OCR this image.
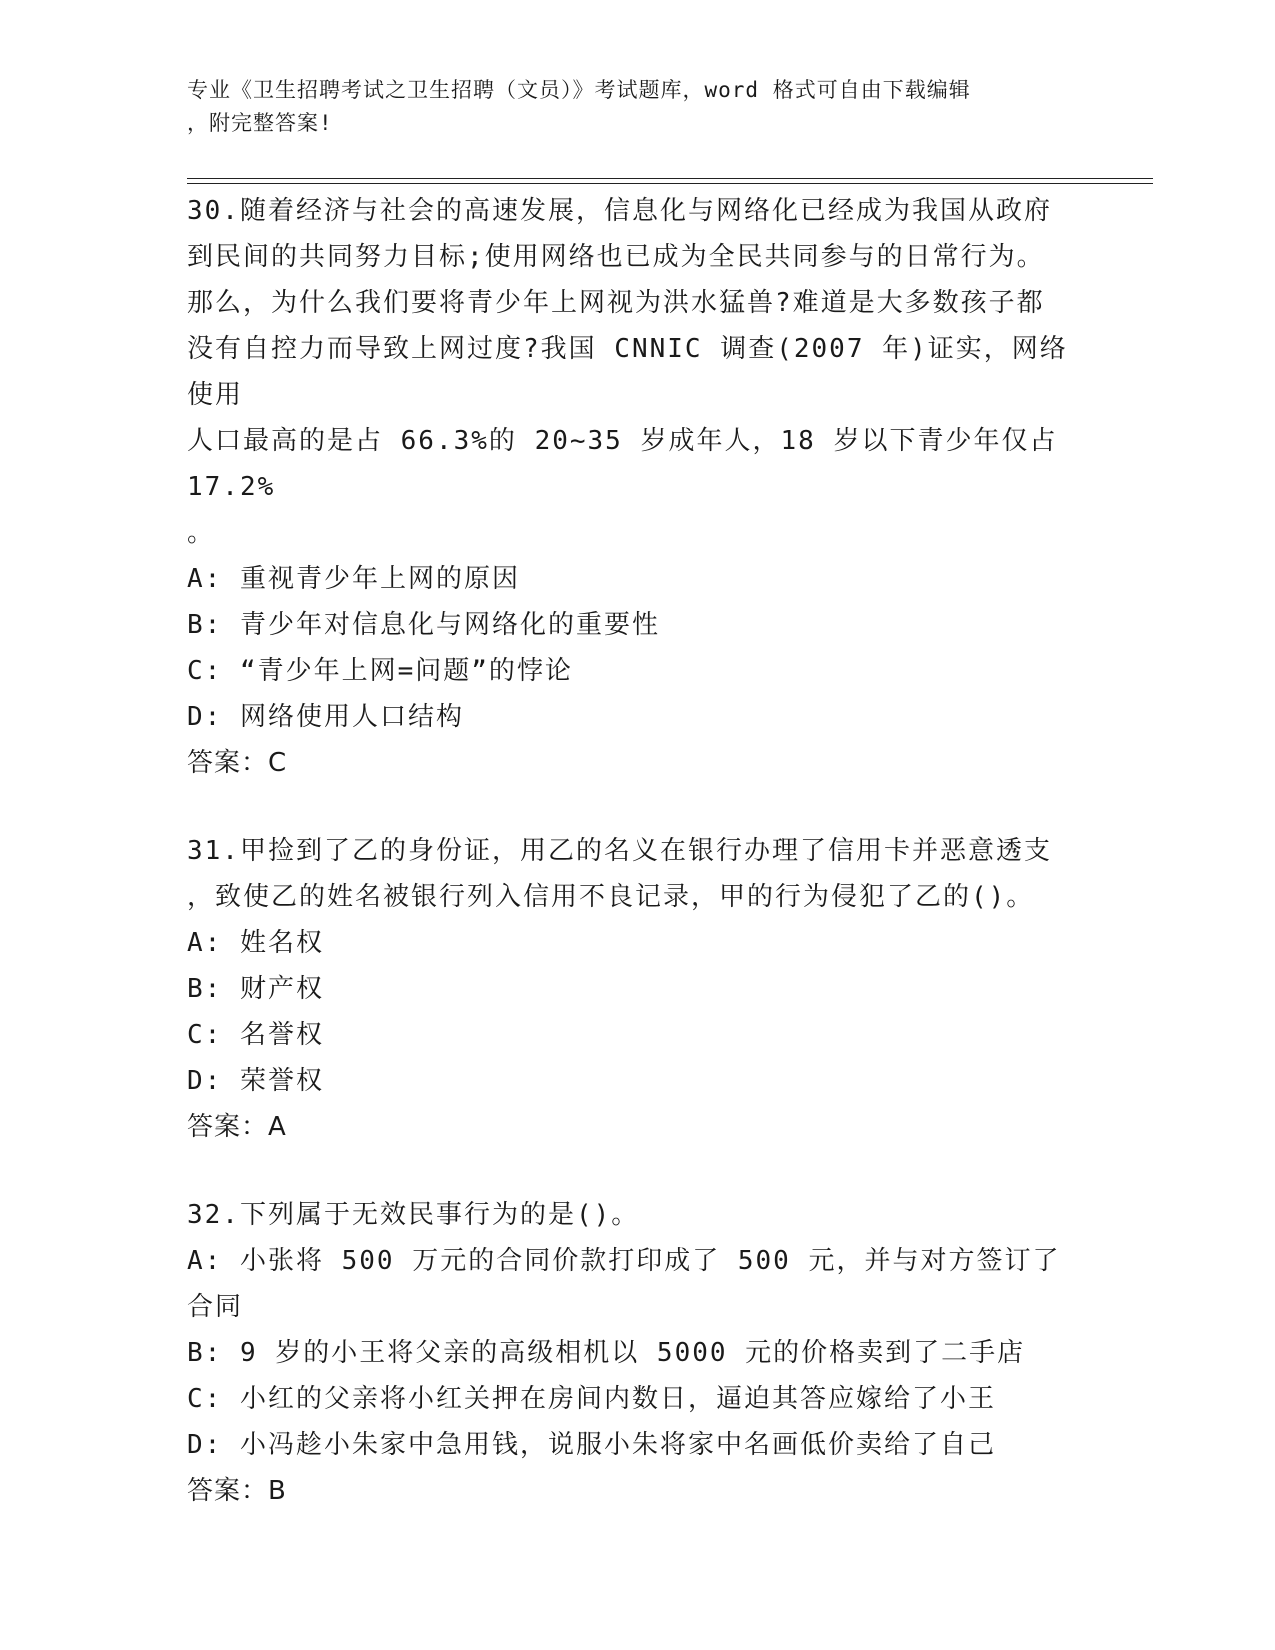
专业《卫生招聘考试之卫生招聘（文员）》考试题库，word 格式可自由下载编辑
，附完整答案!
30.随着经济与社会的高速发展，信息化与网络化已经成为我国从政府
到民间的共同努力目标;使用网络也已成为全民共同参与的日常行为。
那么，为什么我们要将青少年上网视为洪水猛兽?难道是大多数孩子都
没有自控力而导致上网过度?我国 CNNIC 调查(2007 年)证实，网络使用
人口最高的是占 66.3%的 20~35 岁成年人，18 岁以下青少年仅占 17.2%
。
A: 重视青少年上网的原因
B: 青少年对信息化与网络化的重要性
C: “青少年上网=问题”的悖论
D: 网络使用人口结构
答案：C
31.甲捡到了乙的身份证，用乙的名义在银行办理了信用卡并恶意透支
，致使乙的姓名被银行列入信用不良记录，甲的行为侵犯了乙的()。
A: 姓名权
B: 财产权
C: 名誉权
D: 荣誉权
答案：A
32.下列属于无效民事行为的是()。
A: 小张将 500 万元的合同价款打印成了 500 元，并与对方签订了合同
B: 9 岁的小王将父亲的高级相机以 5000 元的价格卖到了二手店
C: 小红的父亲将小红关押在房间内数日，逼迫其答应嫁给了小王
D: 小冯趁小朱家中急用钱，说服小朱将家中名画低价卖给了自己
答案：B
